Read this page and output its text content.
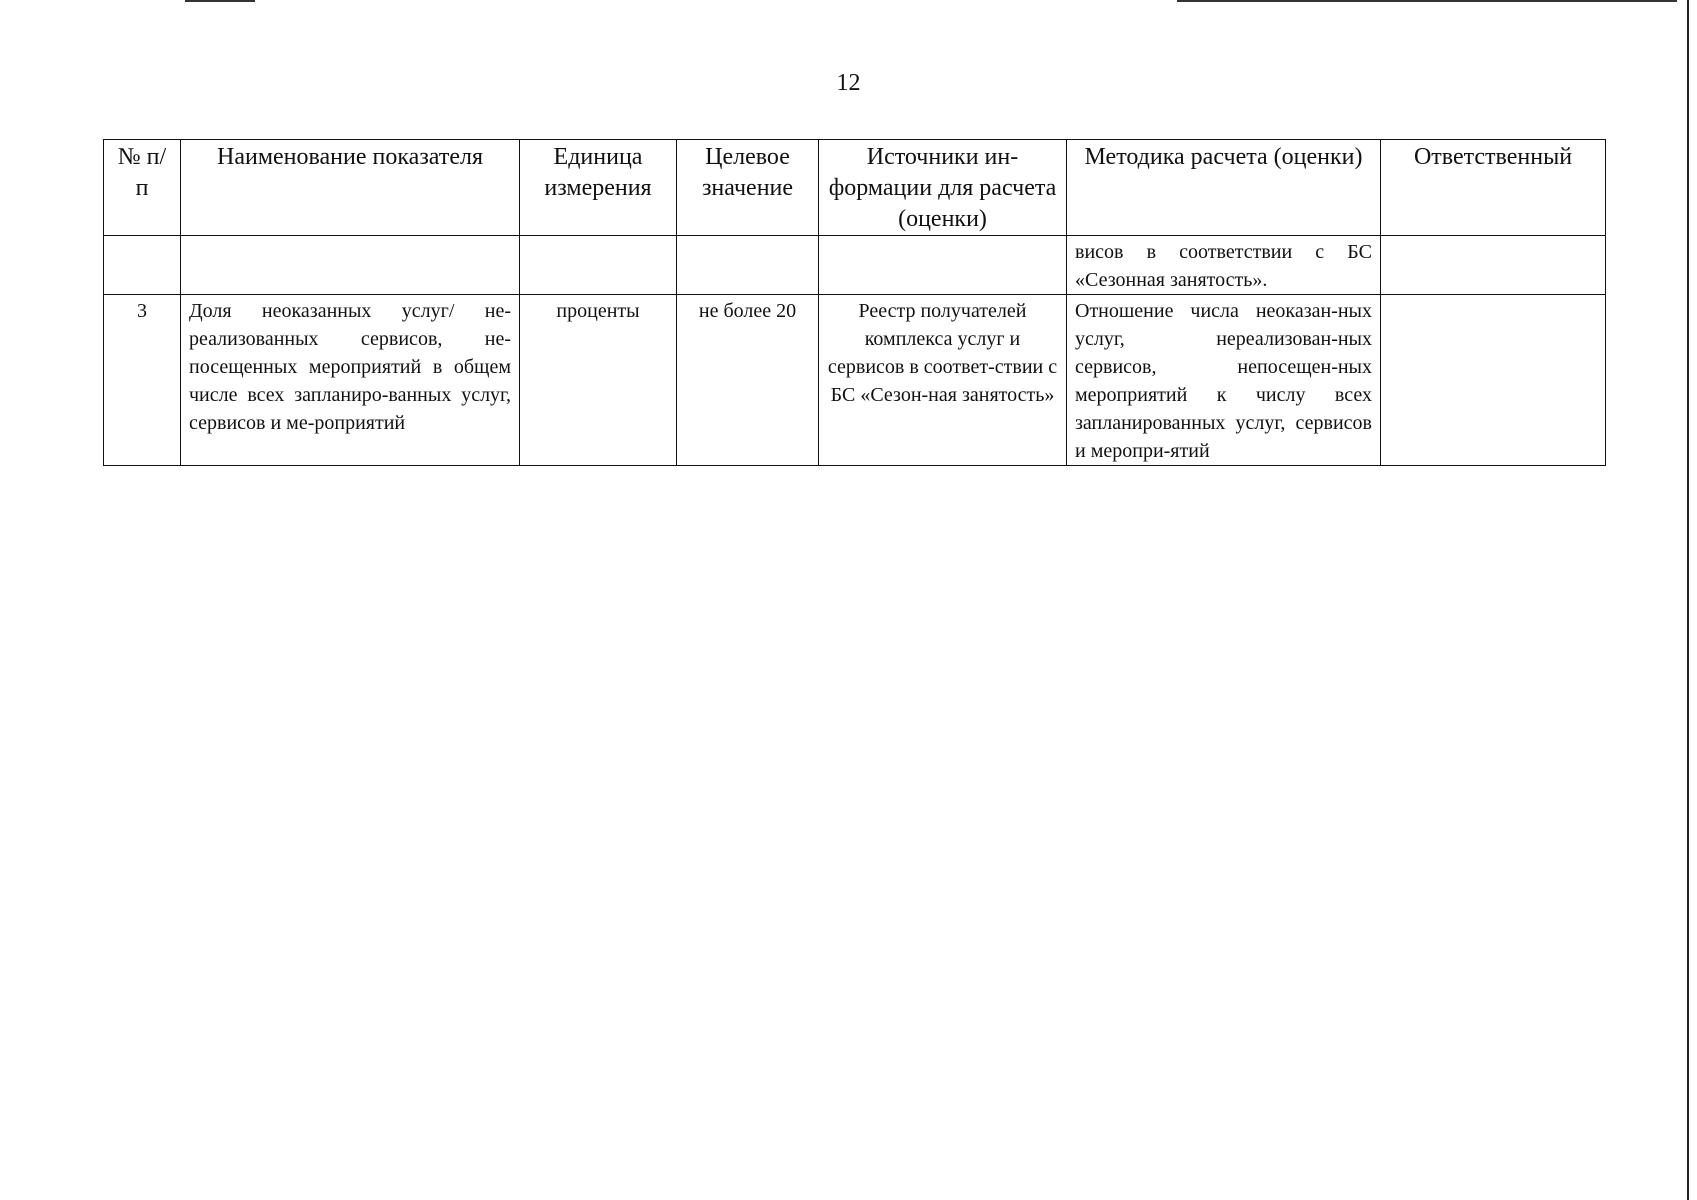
12
№ п/п	Наименование показателя	Единица измерения	Целевое значение	Источники ин-формации для расчета (оценки)	Методика расчета (оценки)	Ответственный
					висов в соответствии с БС «Сезонная занятость».	
3	Доля неоказанных услуг/ не-реализованных сервисов, не-посещенных мероприятий в общем числе всех запланиро-ванных услуг, сервисов и ме-роприятий	проценты	не более 20	Реестр получателей комплекса услуг и сервисов в соответ-ствии с БС «Сезон-ная занятость»	Отношение числа неоказан-ных услуг, нереализован-ных сервисов, непосещен-ных мероприятий к числу всех запланированных услуг, сервисов и меропри-ятий	
